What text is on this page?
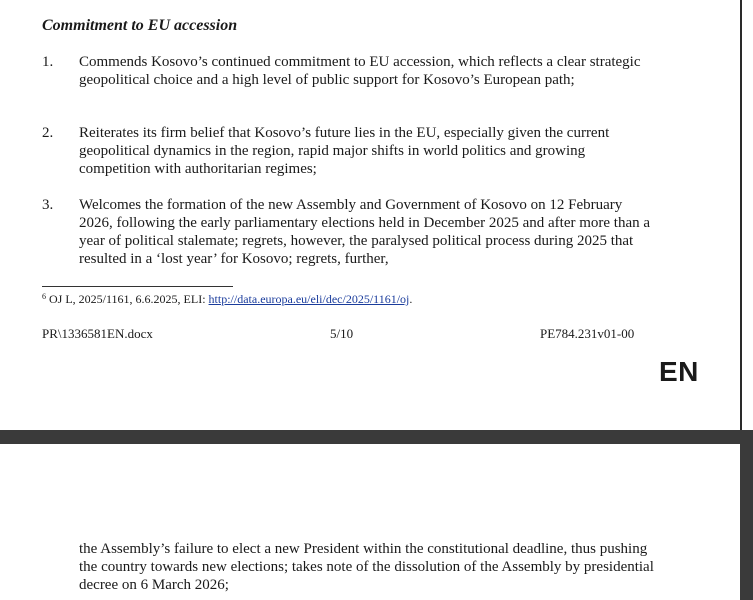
Commitment to EU accession
1. Commends Kosovo’s continued commitment to EU accession, which reflects a clear strategic geopolitical choice and a high level of public support for Kosovo’s European path;
2. Reiterates its firm belief that Kosovo’s future lies in the EU, especially given the current geopolitical dynamics in the region, rapid major shifts in world politics and growing competition with authoritarian regimes;
3. Welcomes the formation of the new Assembly and Government of Kosovo on 12 February 2026, following the early parliamentary elections held in December 2025 and after more than a year of political stalemate; regrets, however, the paralysed political process during 2025 that resulted in a ‘lost year’ for Kosovo; regrets, further,
$^6$ OJ L, 2025/1161, 6.6.2025, ELI: http://data.europa.eu/eli/dec/2025/1161/oj.
PR\1336581EN.docx	5/10	PE784.231v01-00
EN
the Assembly’s failure to elect a new President within the constitutional deadline, thus pushing the country towards new elections; takes note of the dissolution of the Assembly by presidential decree on 6 March 2026;
